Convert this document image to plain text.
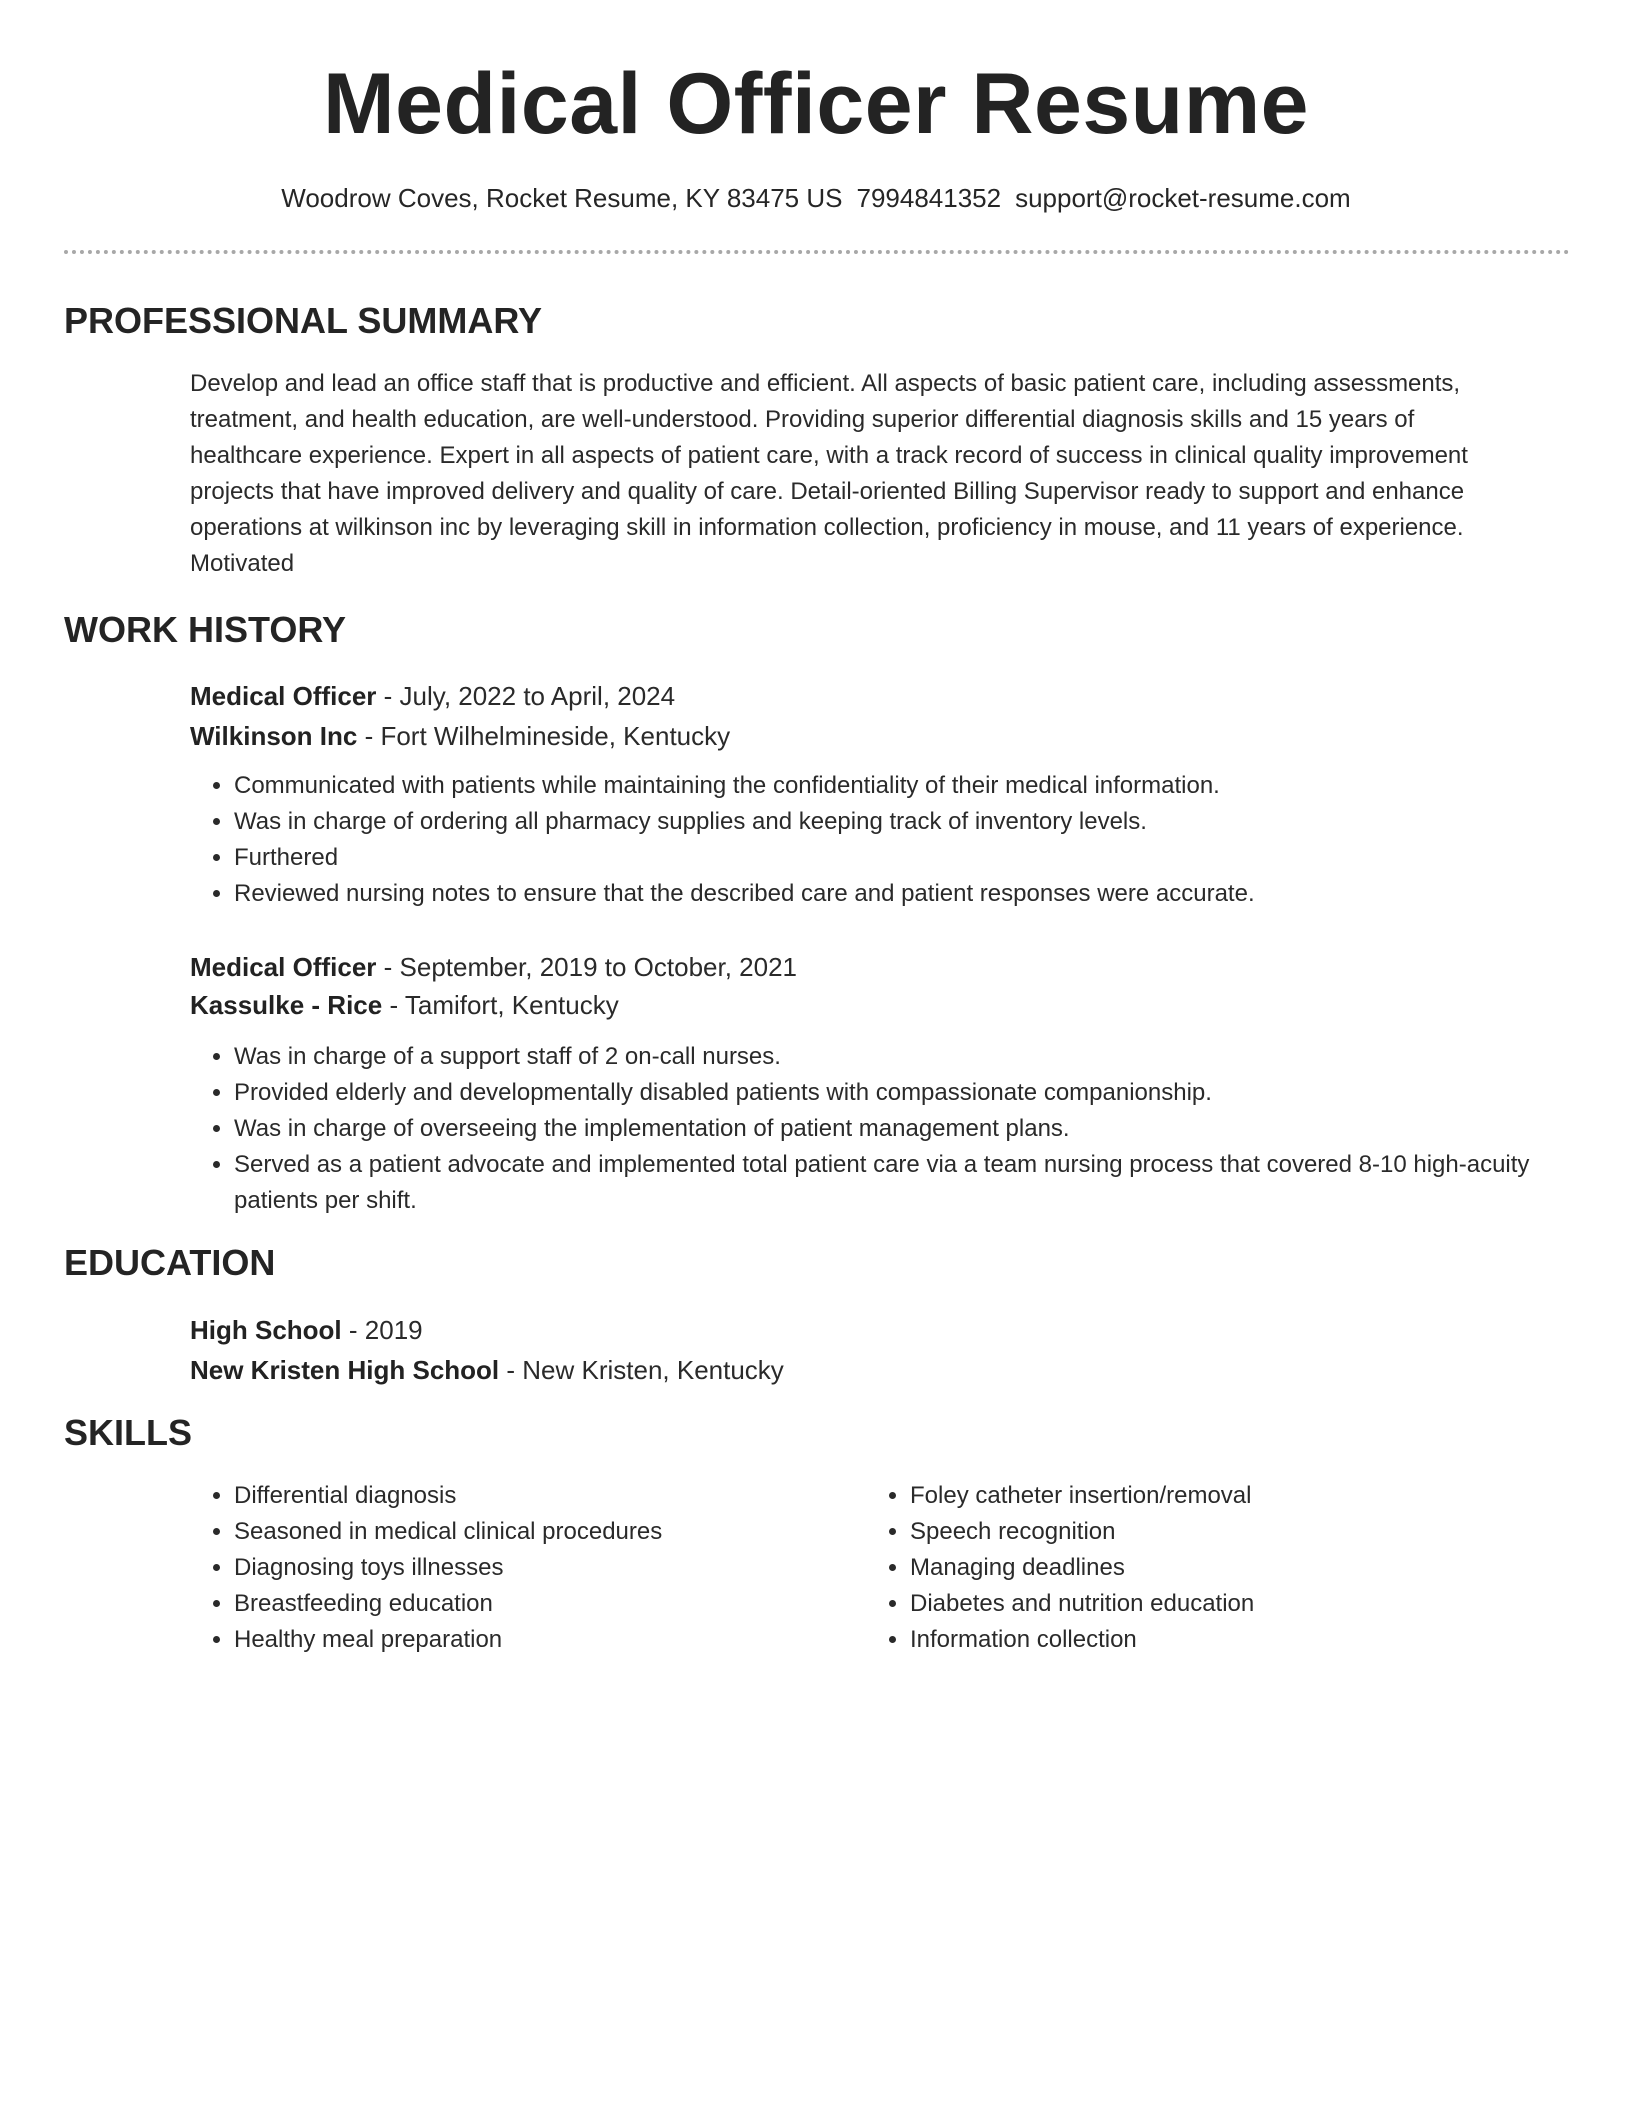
Medical Officer Resume
Woodrow Coves, Rocket Resume, KY 83475 US 7994841352 support@rocket-resume.com
PROFESSIONAL SUMMARY

Develop and lead an office staff that is productive and efficient. All aspects of basic patient care, including assessments, treatment, and health education, are well-understood. Providing superior differential diagnosis skills and 15 years of healthcare experience. Expert in all aspects of patient care, with a track record of success in clinical quality improvement projects that have improved delivery and quality of care. Detail-oriented Billing Supervisor ready to support and enhance operations at wilkinson inc by leveraging skill in information collection, proficiency in mouse, and 11 years of experience. Motivated

WORK HISTORY

Medical Officer - July, 2022 to April, 2024

Wilkinson Inc - Fort Wilhelmineside, Kentucky

• Communicated with patients while maintaining the confidentiality of their medical information.
• Was in charge of ordering all pharmacy supplies and keeping track of inventory levels.
• Furthered
• Reviewed nursing notes to ensure that the described care and patient responses were accurate.

Medical Officer - September, 2019 to October, 2021

Kassulke - Rice - Tamifort, Kentucky

• Was in charge of a support staff of 2 on-call nurses.
• Provided elderly and developmentally disabled patients with compassionate companionship.
• Was in charge of overseeing the implementation of patient management plans.
• Served as a patient advocate and implemented total patient care via a team nursing process that covered 8-10 high-acuity patients per shift.
EDUCATION

High School - 2019

New Kristen High School - New Kristen, Kentucky

SKILLS
• Differential diagnosis
• Seasoned in medical clinical procedures
• Diagnosing toys illnesses
• Breastfeeding education
• Healthy meal preparation
• Foley catheter insertion/removal
• Speech recognition
• Managing deadlines
• Diabetes and nutrition education
• Information collection
